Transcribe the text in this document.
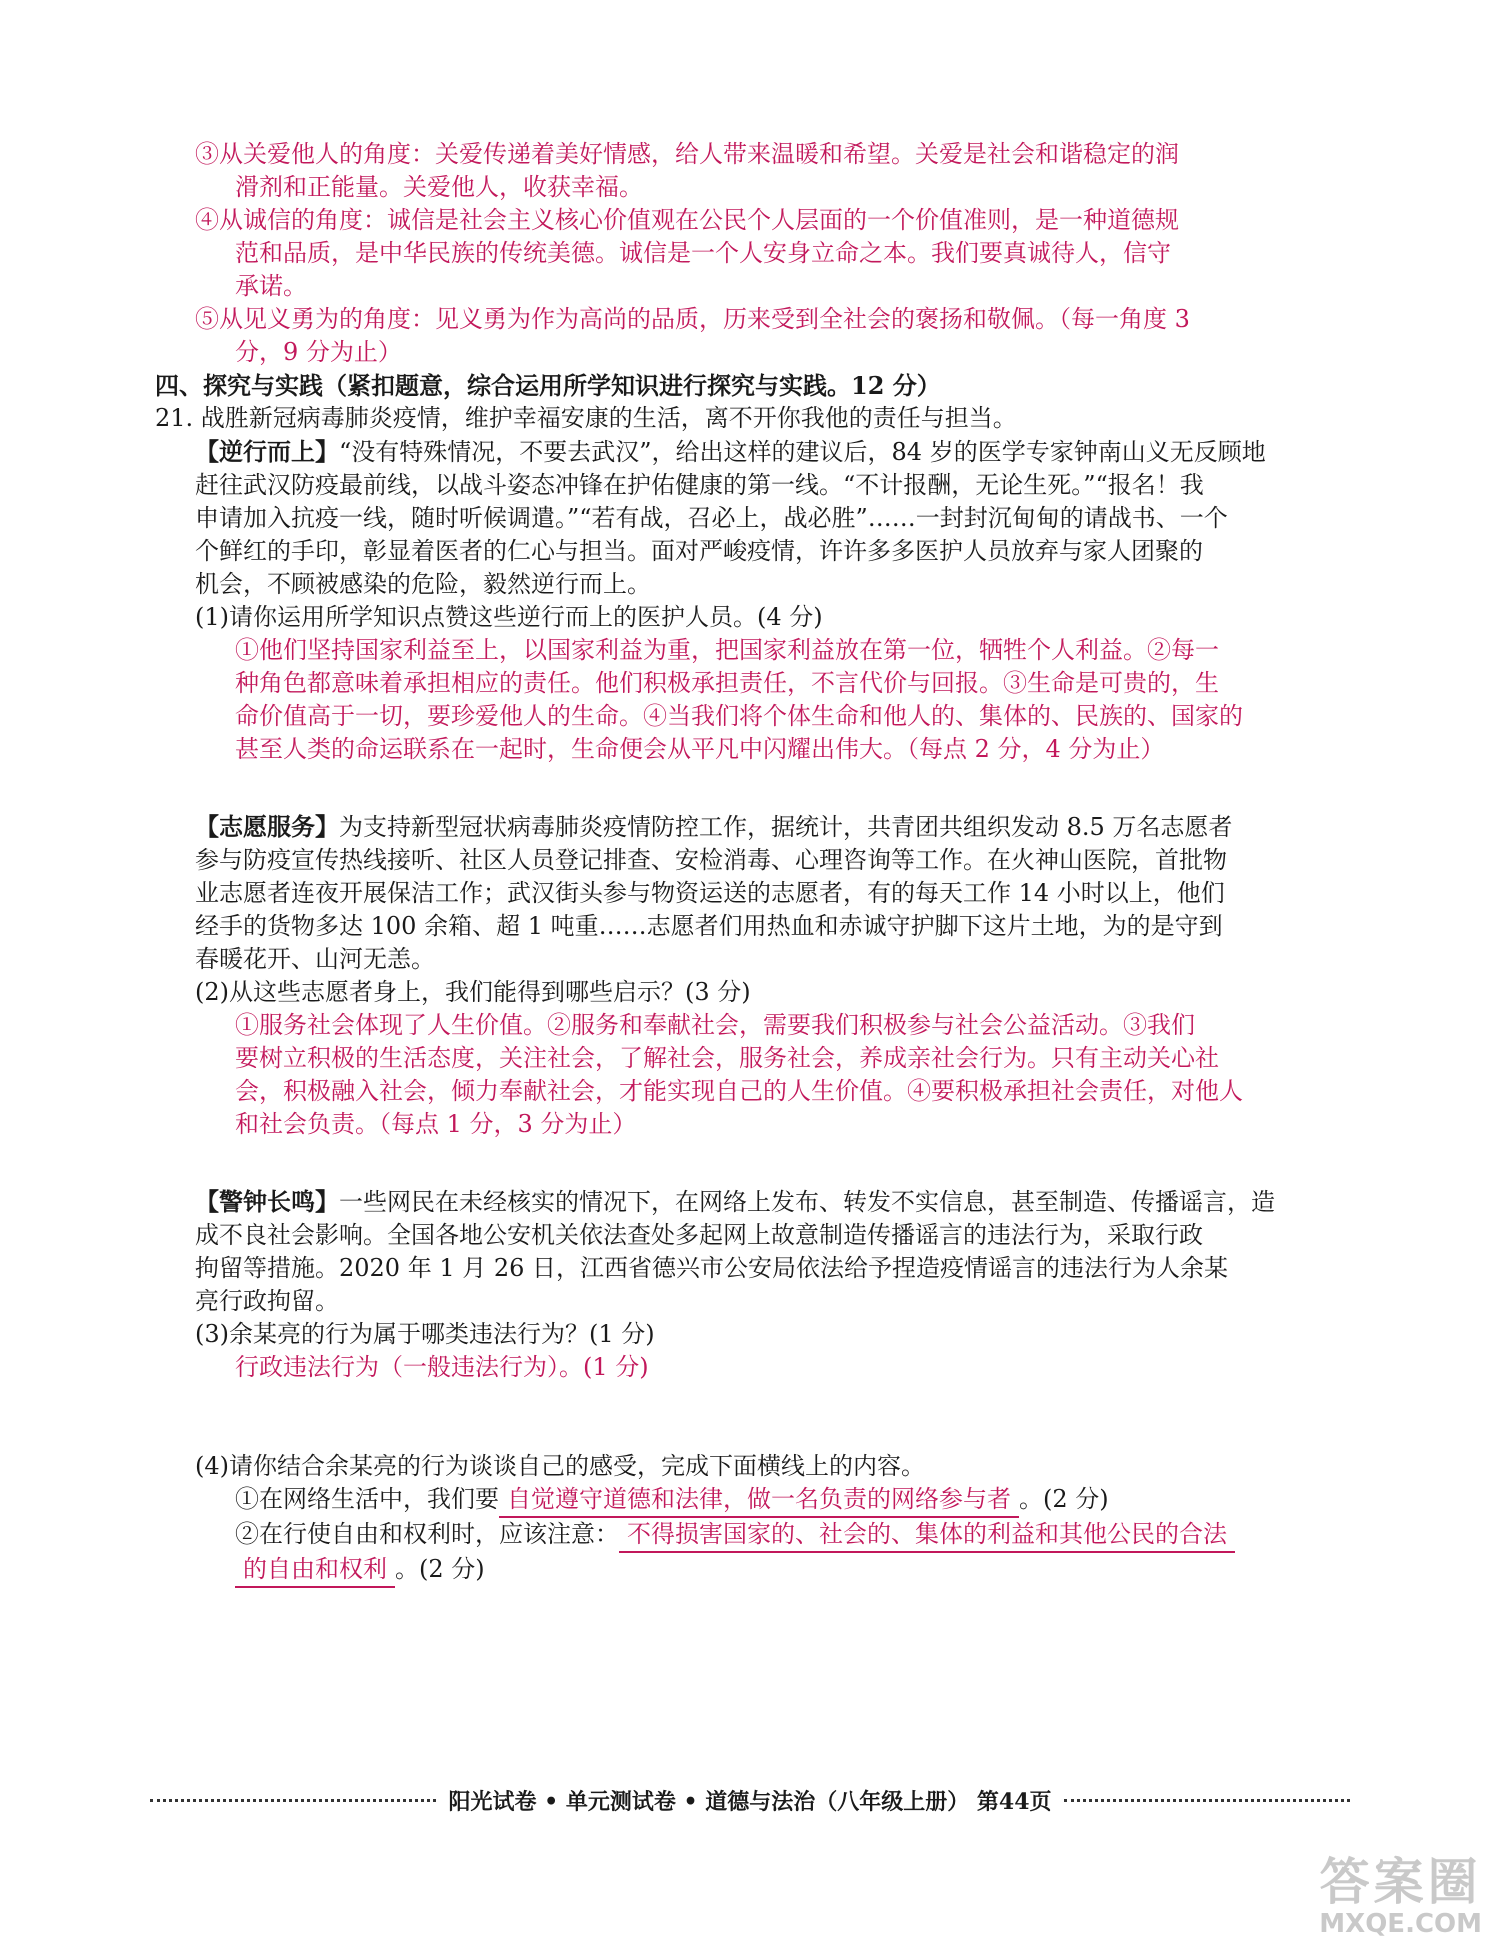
③从关爱他人的角度：关爱传递着美好情感，给人带来温暖和希望。关爱是社会和谐稳定的润
滑剂和正能量。关爱他人，收获幸福。
④从诚信的角度：诚信是社会主义核心价值观在公民个人层面的一个价值准则，是一种道德规
范和品质，是中华民族的传统美德。诚信是一个人安身立命之本。我们要真诚待人，信守
承诺。
⑤从见义勇为的角度：见义勇为作为高尚的品质，历来受到全社会的褒扬和敬佩。（每一角度 3
分，9 分为止）
四、探究与实践（紧扣题意，综合运用所学知识进行探究与实践。12 分）
21. 战胜新冠病毒肺炎疫情，维护幸福安康的生活，离不开你我他的责任与担当。
【逆行而上】“没有特殊情况，不要去武汉”，给出这样的建议后，84 岁的医学专家钟南山义无反顾地
赶往武汉防疫最前线，以战斗姿态冲锋在护佑健康的第一线。“不计报酬，无论生死。”“报名！我
申请加入抗疫一线，随时听候调遣。”“若有战，召必上，战必胜”……一封封沉甸甸的请战书、一个
个鲜红的手印，彰显着医者的仁心与担当。面对严峻疫情，许许多多医护人员放弃与家人团聚的
机会，不顾被感染的危险，毅然逆行而上。
(1)请你运用所学知识点赞这些逆行而上的医护人员。(4 分)
①他们坚持国家利益至上，以国家利益为重，把国家利益放在第一位，牺牲个人利益。②每一
种角色都意味着承担相应的责任。他们积极承担责任，不言代价与回报。③生命是可贵的，生
命价值高于一切，要珍爱他人的生命。④当我们将个体生命和他人的、集体的、民族的、国家的
甚至人类的命运联系在一起时，生命便会从平凡中闪耀出伟大。（每点 2 分，4 分为止）
【志愿服务】为支持新型冠状病毒肺炎疫情防控工作，据统计，共青团共组织发动 8.5 万名志愿者
参与防疫宣传热线接听、社区人员登记排查、安检消毒、心理咨询等工作。在火神山医院，首批物
业志愿者连夜开展保洁工作；武汉街头参与物资运送的志愿者，有的每天工作 14 小时以上，他们
经手的货物多达 100 余箱、超 1 吨重……志愿者们用热血和赤诚守护脚下这片土地，为的是守到
春暖花开、山河无恙。
(2)从这些志愿者身上，我们能得到哪些启示？(3 分)
①服务社会体现了人生价值。②服务和奉献社会，需要我们积极参与社会公益活动。③我们
要树立积极的生活态度，关注社会，了解社会，服务社会，养成亲社会行为。只有主动关心社
会，积极融入社会，倾力奉献社会，才能实现自己的人生价值。④要积极承担社会责任，对他人
和社会负责。（每点 1 分，3 分为止）
【警钟长鸣】一些网民在未经核实的情况下，在网络上发布、转发不实信息，甚至制造、传播谣言，造
成不良社会影响。全国各地公安机关依法查处多起网上故意制造传播谣言的违法行为，采取行政
拘留等措施。2020 年 1 月 26 日，江西省德兴市公安局依法给予捏造疫情谣言的违法行为人余某
亮行政拘留。
(3)余某亮的行为属于哪类违法行为？(1 分)
行政违法行为（一般违法行为）。(1 分)
(4)请你结合余某亮的行为谈谈自己的感受，完成下面横线上的内容。
①在网络生活中，我们要 自觉遵守道德和法律，做一名负责的网络参与者 。(2 分)
②在行使自由和权利时，应该注意： 不得损害国家的、社会的、集体的利益和其他公民的合法
的自由和权利 。(2 分)
阳光试卷 • 单元测试卷 • 道德与法治（八年级上册） 第44页
答案圈
MXQE.COM
